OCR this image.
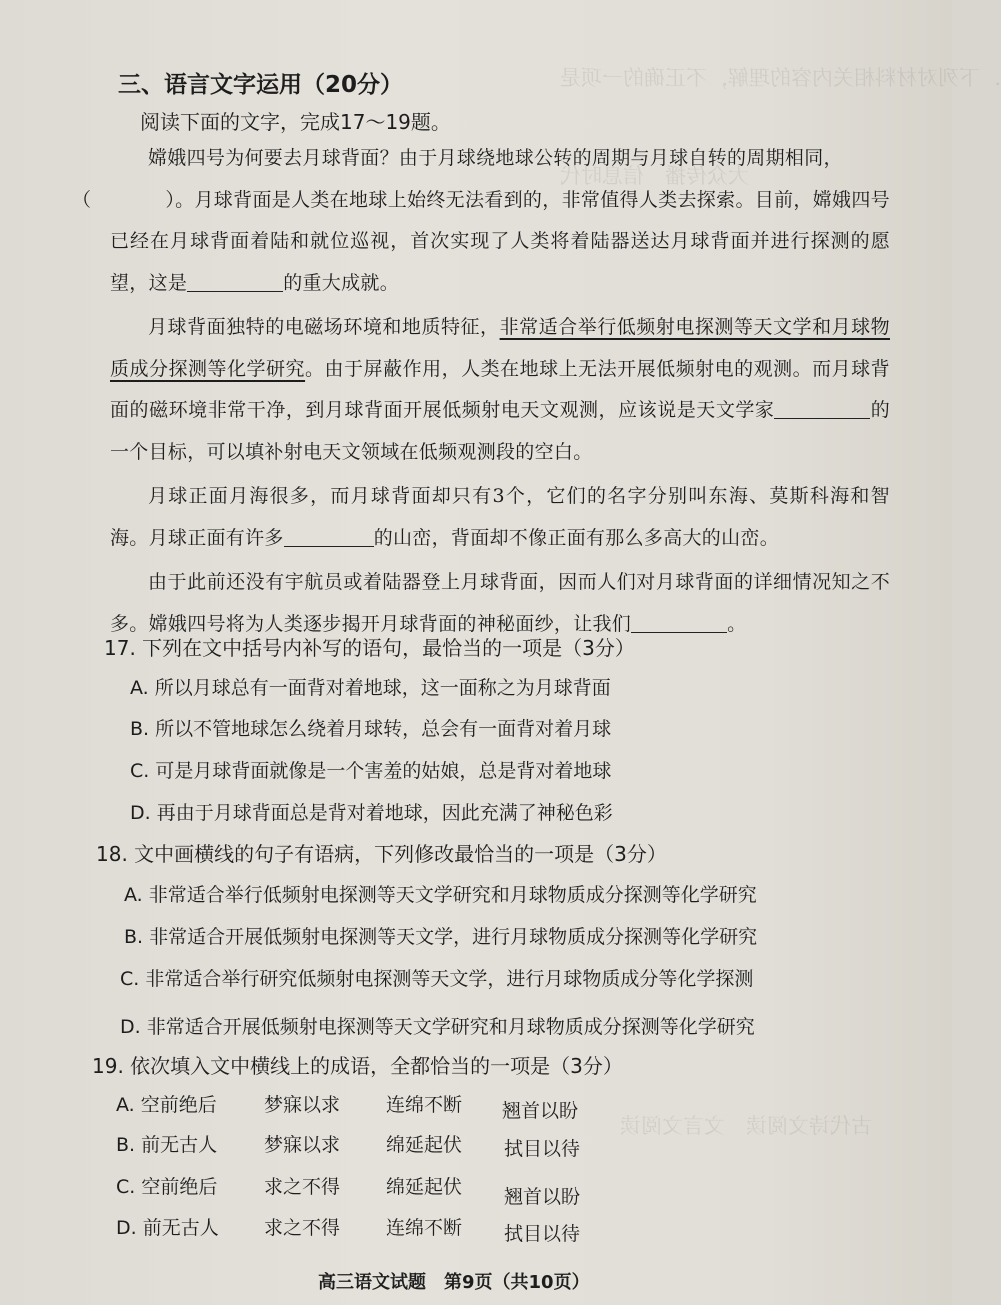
．下列对材料相关内容的理解，不正确的一项是
大众传播　信息时代
古代诗文阅读　文言文阅读
三、语言文字运用（20分）
阅读下面的文字，完成17～19题。

嫦娥四号为何要去月球背面？由于月球绕地球公转的周期与月球自转的周期相同，
（	）。月球背面是人类在地球上始终无法看到的，非常值得人类去探索。目前，嫦娥四号已经在月球背面着陆和就位巡视，首次实现了人类将着陆器送达月球背面并进行探测的愿望，这是	的重大成就。

月球背面独特的电磁场环境和地质特征，非常适合举行低频射电探测等天文学和月球物质成分探测等化学研究。由于屏蔽作用，人类在地球上无法开展低频射电的观测。而月球背面的磁环境非常干净，到月球背面开展低频射电天文观测，应该说是天文学家	的一个目标，可以填补射电天文领域在低频观测段的空白。

月球正面月海很多，而月球背面却只有3个，它们的名字分别叫东海、莫斯科海和智海。月球正面有许多	的山峦，背面却不像正面有那么多高大的山峦。

由于此前还没有宇航员或着陆器登上月球背面，因而人们对月球背面的详细情况知之不多。嫦娥四号将为人类逐步揭开月球背面的神秘面纱，让我们	。

17. 下列在文中括号内补写的语句，最恰当的一项是（3分）
A. 所以月球总有一面背对着地球，这一面称之为月球背面
B. 所以不管地球怎么绕着月球转，总会有一面背对着月球
C. 可是月球背面就像是一个害羞的姑娘，总是背对着地球
D. 再由于月球背面总是背对着地球，因此充满了神秘色彩
18. 文中画横线的句子有语病，下列修改最恰当的一项是（3分）
A. 非常适合举行低频射电探测等天文学研究和月球物质成分探测等化学研究
B. 非常适合开展低频射电探测等天文学，进行月球物质成分探测等化学研究
C. 非常适合举行研究低频射电探测等天文学，进行月球物质成分等化学探测
D. 非常适合开展低频射电探测等天文学研究和月球物质成分探测等化学研究
19. 依次填入文中横线上的成语，全都恰当的一项是（3分）
A. 空前绝后 梦寐以求 连绵不断 翘首以盼
B. 前无古人 梦寐以求 绵延起伏 拭目以待
C. 空前绝后 求之不得 绵延起伏 翘首以盼
D. 前无古人 求之不得 连绵不断 拭目以待
高三语文试题　第9页（共10页）
